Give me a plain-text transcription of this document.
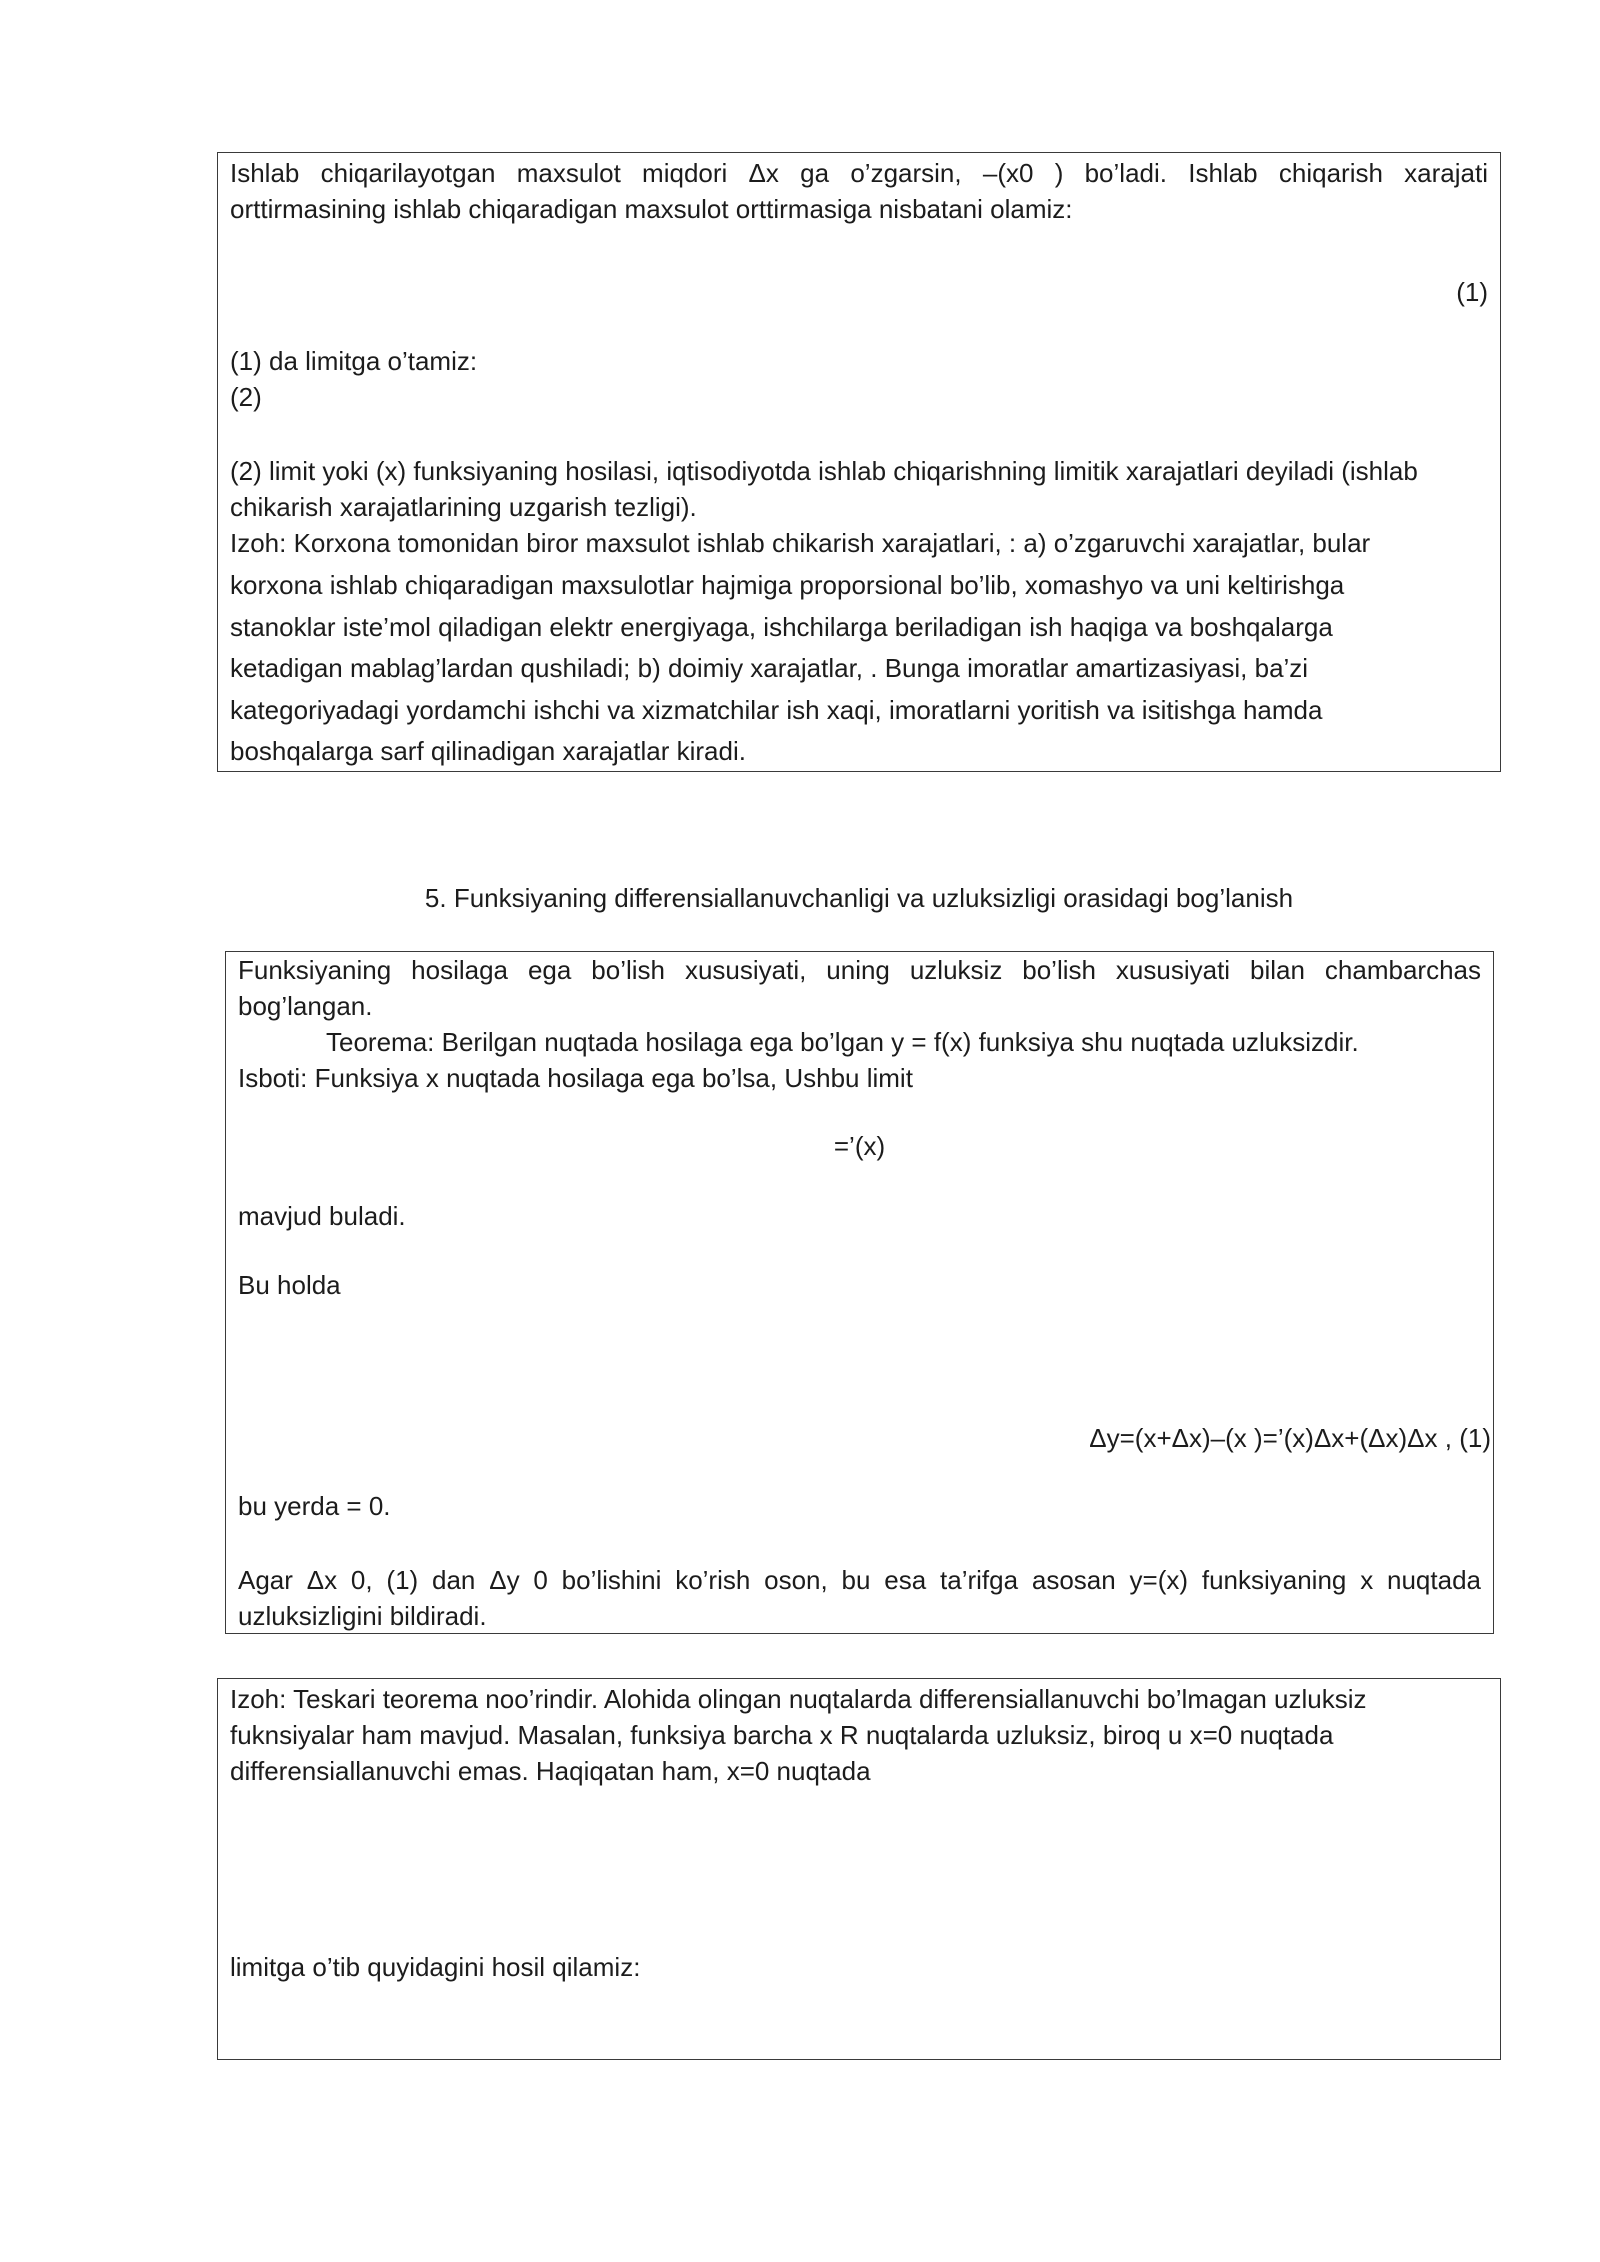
Ishlab chiqarilayotgan maxsulot miqdori Δx ga o’zgarsin, –(x0 ) bo’ladi. Ishlab chiqarish xarajati

orttirmasining ishlab chiqaradigan maxsulot orttirmasiga nisbatani olamiz:

(1)

(1) da limitga o’tamiz:

(2)

(2) limit yoki (x) funksiyaning hosilasi, iqtisodiyotda ishlab chiqarishning limitik xarajatlari deyiladi (ishlab

chikarish xarajatlarining uzgarish tezligi).

Izoh: Korxona tomonidan biror maxsulot ishlab chikarish xarajatlari, : a) o’zgaruvchi xarajatlar, bular

korxona ishlab chiqaradigan maxsulotlar hajmiga proporsional bo’lib, xomashyo va uni keltirishga

stanoklar iste’mol qiladigan elektr energiyaga, ishchilarga beriladigan ish haqiga va boshqalarga

ketadigan mablag’lardan qushiladi; b) doimiy xarajatlar, . Bunga imoratlar amartizasiyasi, ba’zi

kategoriyadagi yordamchi ishchi va xizmatchilar ish xaqi, imoratlarni yoritish va isitishga hamda

boshqalarga sarf qilinadigan xarajatlar kiradi.

5. Funksiyaning differensiallanuvchanligi va uzluksizligi orasidagi bog’lanish

Funksiyaning hosilaga ega bo’lish xususiyati, uning uzluksiz bo’lish xususiyati bilan chambarchas

bog’langan.

Teorema: Berilgan nuqtada hosilaga ega bo’lgan y = f(x) funksiya shu nuqtada uzluksizdir.

Isboti: Funksiya x nuqtada hosilaga ega bo’lsa, Ushbu limit

=’(x)

mavjud buladi.

Bu holda

Δy=(x+Δx)–(x )=’(x)Δx+(Δx)Δx , (1)

bu yerda = 0.

Agar Δx 0, (1) dan Δy 0 bo’lishini ko’rish oson, bu esa ta’rifga asosan y=(x) funksiyaning x nuqtada

uzluksizligini bildiradi.

Izoh: Teskari teorema noo’rindir. Alohida olingan nuqtalarda differensiallanuvchi bo’lmagan uzluksiz

fuknsiyalar ham mavjud. Masalan, funksiya barcha x R nuqtalarda uzluksiz, biroq u x=0 nuqtada

differensiallanuvchi emas. Haqiqatan ham, x=0 nuqtada

limitga o’tib quyidagini hosil qilamiz:
